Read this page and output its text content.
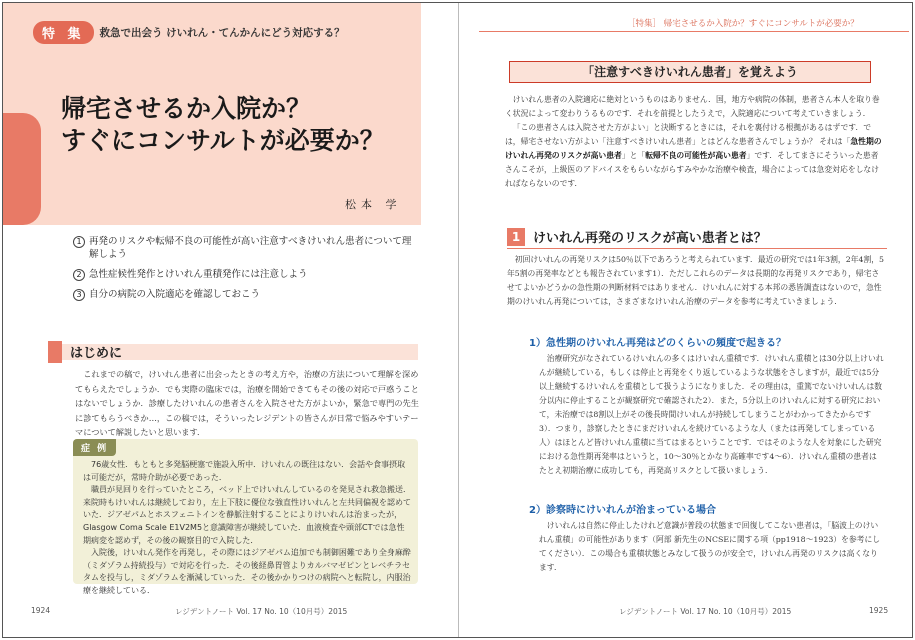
特 集	救急で出会う けいれん・てんかんにどう対応する？
帰宅させるか入院か？
すぐにコンサルトが必要か？
松本 学
1 再発のリスクや転帰不良の可能性が高い注意すべきけいれん患者について理解しよう
2 急性症候性発作とけいれん重積発作には注意しよう
3 自分の病院の入院適応を確認しておこう
はじめに

これまでの稿で，けいれん患者に出会ったときの考え方や，治療の方法について理解を深めてもらえたでしょうか．でも実際の臨床では，治療を開始できてもその後の対応で戸惑うことはないでしょうか．診療したけいれんの患者さんを入院させた方がよいか，緊急で専門の先生に診てもらうべきか…，この稿では，そういったレジデントの皆さんが日常で悩みやすいテーマについて解説したいと思います．

症 例

76歳女性．もともと多発脳梗塞で施設入所中．けいれんの既往はない．会話や食事摂取は可能だが，常時介助が必要であった．

職員が見回りを行っていたところ，ベッド上でけいれんしているのを発見され救急搬送．来院時もけいれんは継続しており，左上下肢に優位な強直性けいれんと左共同偏視を認めていた．ジアゼパムとホスフェニトインを静脈注射することによりけいれんは治まったが，Glasgow Coma Scale E1V2M5と意識障害が継続していた．血液検査や頭部CTでは急性期病変を認めず，その後の観察目的で入院した．

入院後，けいれん発作を再発し，その際にはジアゼパム追加でも制御困難であり全身麻酔（ミダゾラム持続投与）で対応を行った．その後経鼻胃管よりカルバマゼピンとレベチラセタムを投与し，ミダゾラムを漸減していった．その後かかりつけの病院へと転院し，内服治療を継続している．

1924	レジデントノート Vol. 17 No. 10（10月号）2015
［特集］ 帰宅させるか入院か？すぐにコンサルトが必要か？
「注意すべきけいれん患者」を覚えよう

けいれん患者の入院適応に絶対というものはありません．国，地方や病院の体制，患者さん本人を取り巻く状況によって変わりうるものです．それを前提としたうえで，入院適応について考えていきましょう．

「この患者さんは入院させた方がよい」と決断するときには，それを裏付ける根拠があるはずです．では，帰宅させない方がよい「注意すべきけいれん患者」とはどんな患者さんでしょうか？ それは「急性期のけいれん再発のリスクが高い患者」と「転帰不良の可能性が高い患者」です．そしてまさにそういった患者さんこそが，上級医のアドバイスをもらいながらすみやかな治療や検査，場合によっては急変対応をしなければならないのです．

1 けいれん再発のリスクが高い患者とは？

初回けいれんの再発リスクは50％以下であろうと考えられています．最近の研究では1年3割，2年4割，5年5割の再発率などとも報告されています1）．ただしこれらのデータは長期的な再発リスクであり，帰宅させてよいかどうかの急性期の判断材料ではありません．けいれんに対する本邦の悉皆調査はないので，急性期のけいれん再発については，さまざまなけいれん治療のデータを参考に考えていきましょう．

1）急性期のけいれん再発はどのくらいの頻度で起きる？

治療研究がなされているけいれんの多くはけいれん重積です．けいれん重積とは30分以上けいれんが継続している，もしくは停止と再発をくり返しているような状態をさしますが，最近では5分以上継続するけいれんを重積として扱うようになりました．その理由は，重篤でないけいれんは数分以内に停止することが観察研究で確認された2）．また，5分以上のけいれんに対する研究において，未治療では8割以上がその後長時間けいれんが持続してしまうことがわかってきたからです3）．つまり，診察したときにまだけいれんを続けているような人（または再発してしまっている人）はほとんど皆けいれん重積に当てはまるということです．ではそのような人を対象にした研究における急性期再発率はというと，10〜30％とかなり高確率です4〜6）．けいれん重積の患者はたとえ初期治療に成功しても，再発高リスクとして扱いましょう．

2）診察時にけいれんが治まっている場合

けいれんは自然に停止したけれど意識が普段の状態まで回復してこない患者は，「脳波上のけいれん重積」の可能性があります（阿部 新先生のNCSEに関する項（pp1918〜1923）を参考にしてください）．この場合も重積状態とみなして扱うのが安全で，けいれん再発のリスクは高くなります．

レジデントノート Vol. 17 No. 10（10月号）2015	1925
